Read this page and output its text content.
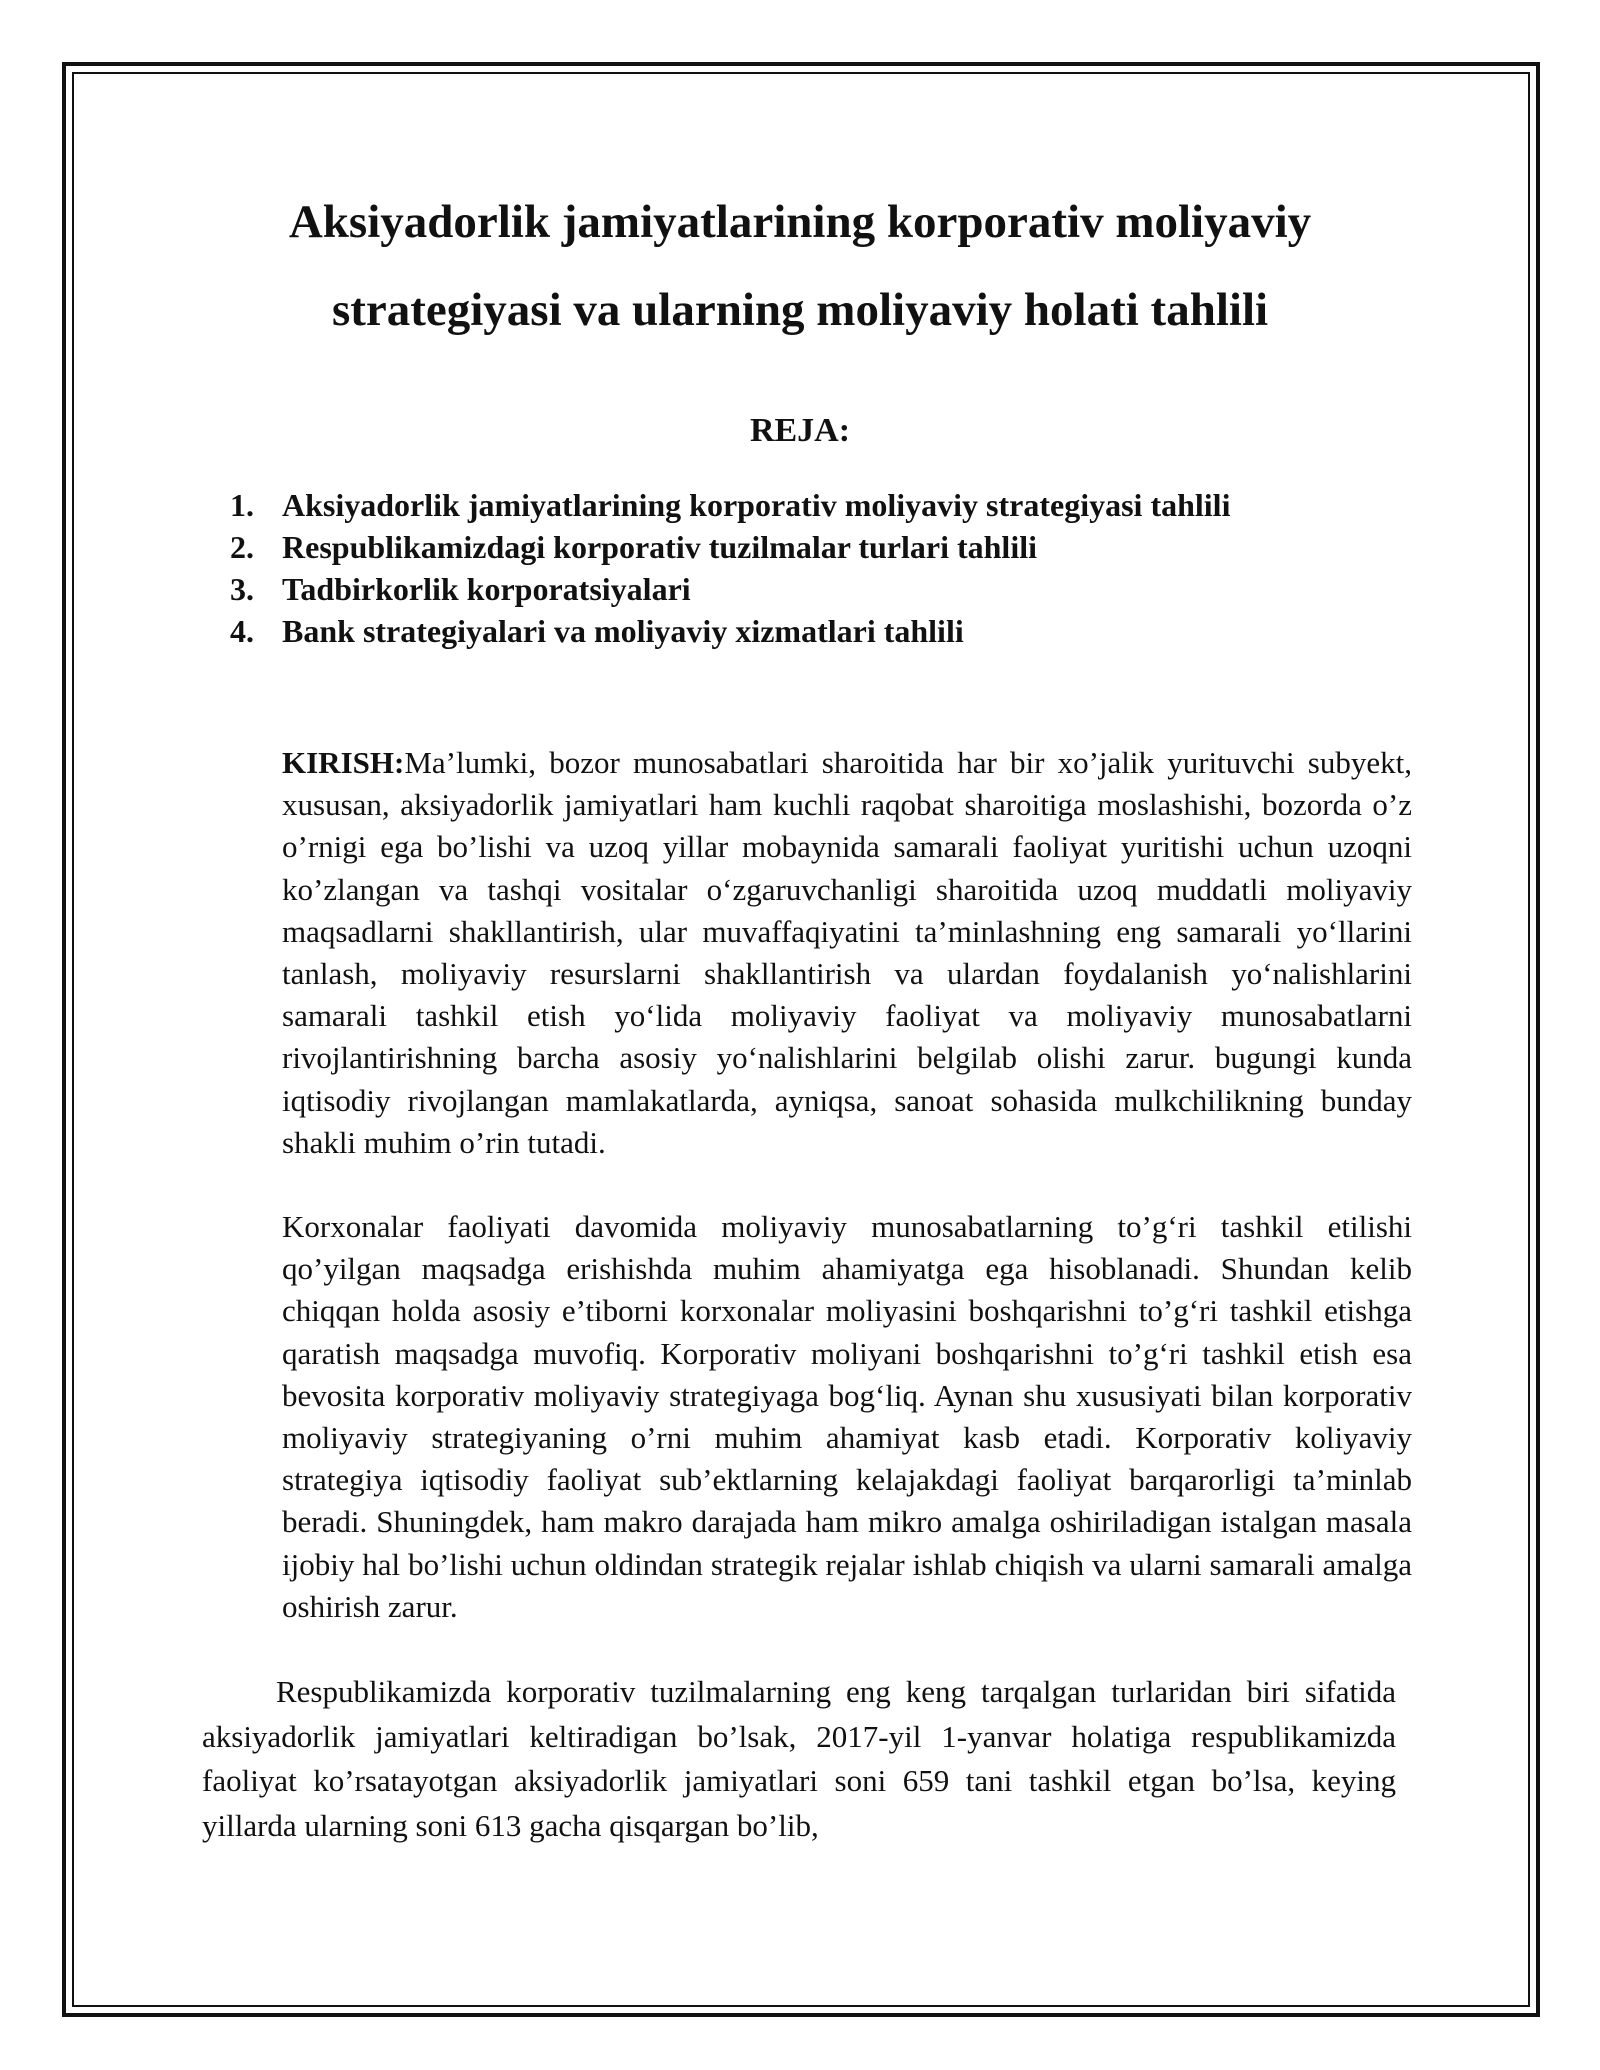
Aksiyadorlik jamiyatlarining korporativ moliyaviy strategiyasi va ularning moliyaviy holati tahlili
REJA:
1. Aksiyadorlik jamiyatlarining korporativ moliyaviy strategiyasi tahlili
2. Respublikamizdagi korporativ tuzilmalar turlari tahlili
3. Tadbirkorlik korporatsiyalari
4. Bank strategiyalari va moliyaviy xizmatlari tahlili

KIRISH:Ma’lumki, bozor munosabatlari sharoitida har bir xo’jalik yurituvchi subyekt, xususan, aksiyadorlik jamiyatlari ham kuchli raqobat sharoitiga moslashishi, bozorda o’z o’rnigi ega bo’lishi va uzoq yillar mobaynida samarali faoliyat yuritishi uchun uzoqni ko’zlangan va tashqi vositalar o‘zgaruvchanligi sharoitida uzoq muddatli moliyaviy maqsadlarni shakllantirish, ular muvaffaqiyatini ta’minlashning eng samarali yo‘llarini tanlash, moliyaviy resurslarni shakllantirish va ulardan foydalanish yo‘nalishlarini samarali tashkil etish yo‘lida moliyaviy faoliyat va moliyaviy munosabatlarni rivojlantirishning barcha asosiy yo‘nalishlarini belgilab olishi zarur. bugungi kunda iqtisodiy rivojlangan mamlakatlarda, ayniqsa, sanoat sohasida mulkchilikning bunday shakli muhim o’rin tutadi.

Korxonalar faoliyati davomida moliyaviy munosabatlarning to’g‘ri tashkil etilishi qo’yilgan maqsadga erishishda muhim ahamiyatga ega hisoblanadi. Shundan kelib chiqqan holda asosiy e’tiborni korxonalar moliyasini boshqarishni to’g‘ri tashkil etishga qaratish maqsadga muvofiq. Korporativ moliyani boshqarishni to’g‘ri tashkil etish esa bevosita korporativ moliyaviy strategiyaga bog‘liq. Aynan shu xususiyati bilan korporativ moliyaviy strategiyaning o’rni muhim ahamiyat kasb etadi. Korporativ koliyaviy strategiya iqtisodiy faoliyat sub’ektlarning kelajakdagi faoliyat barqarorligi ta’minlab beradi. Shuningdek, ham makro darajada ham mikro amalga oshiriladigan istalgan masala ijobiy hal bo’lishi uchun oldindan strategik rejalar ishlab chiqish va ularni samarali amalga oshirish zarur.

Respublikamizda korporativ tuzilmalarning eng keng tarqalgan turlaridan biri sifatida aksiyadorlik jamiyatlari keltiradigan bo’lsak, 2017-yil 1-yanvar holatiga respublikamizda faoliyat ko’rsatayotgan aksiyadorlik jamiyatlari soni 659 tani tashkil etgan bo’lsa, keying yillarda ularning soni 613 gacha qisqargan bo’lib,
